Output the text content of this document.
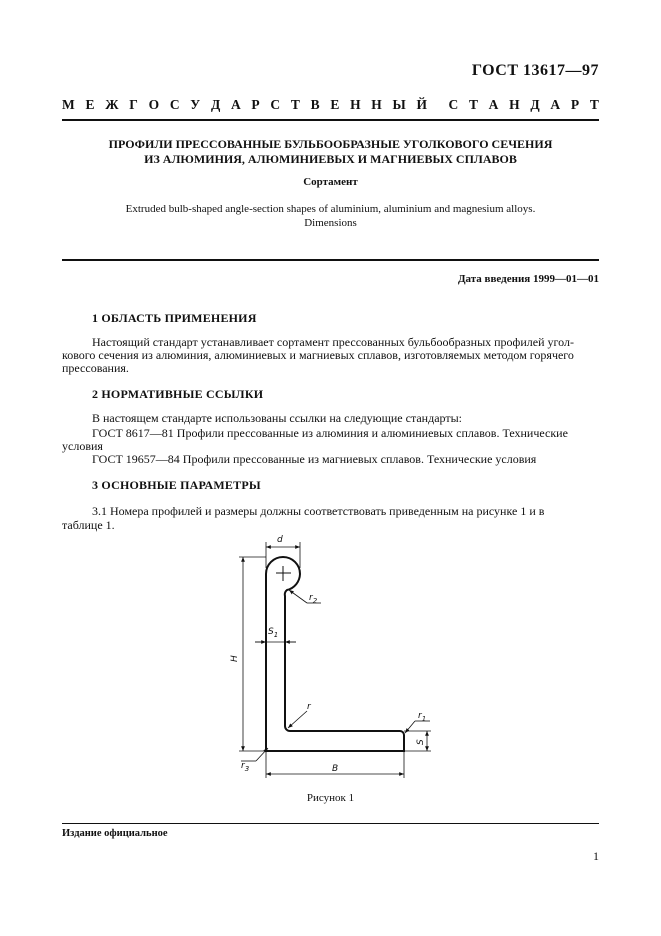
ГОСТ 13617—97
М Е Ж Г О С У Д А Р С Т В Е Н Н Ы Й С Т А Н Д А Р Т
ПРОФИЛИ ПРЕССОВАННЫЕ БУЛЬБООБРАЗНЫЕ УГОЛКОВОГО СЕЧЕНИЯ
ИЗ АЛЮМИНИЯ, АЛЮМИНИЕВЫХ И МАГНИЕВЫХ СПЛАВОВ
Сортамент
Extruded bulb-shaped angle-section shapes of aluminium, aluminium and magnesium alloys.
Dimensions
Дата введения 1999—01—01
1 ОБЛАСТЬ ПРИМЕНЕНИЯ
Настоящий стандарт устанавливает сортамент прессованных бульбообразных профилей угол-
кового сечения из алюминия, алюминиевых и магниевых сплавов, изготовляемых методом горячего
прессования.
2 НОРМАТИВНЫЕ ССЫЛКИ
В настоящем стандарте использованы ссылки на следующие стандарты:
ГОСТ 8617—81 Профили прессованные из алюминия и алюминиевых сплавов. Технические
условия
ГОСТ 19657—84 Профили прессованные из магниевых сплавов. Технические условия
3 ОСНОВНЫЕ ПАРАМЕТРЫ
3.1 Номера профилей и размеры должны соответствовать приведенным на рисунке 1 и в
таблице 1.
d
$r_2$
$S_1$
H
r
$r_1$
S
$r_3$	B
Рисунок 1
Издание официальное
1
